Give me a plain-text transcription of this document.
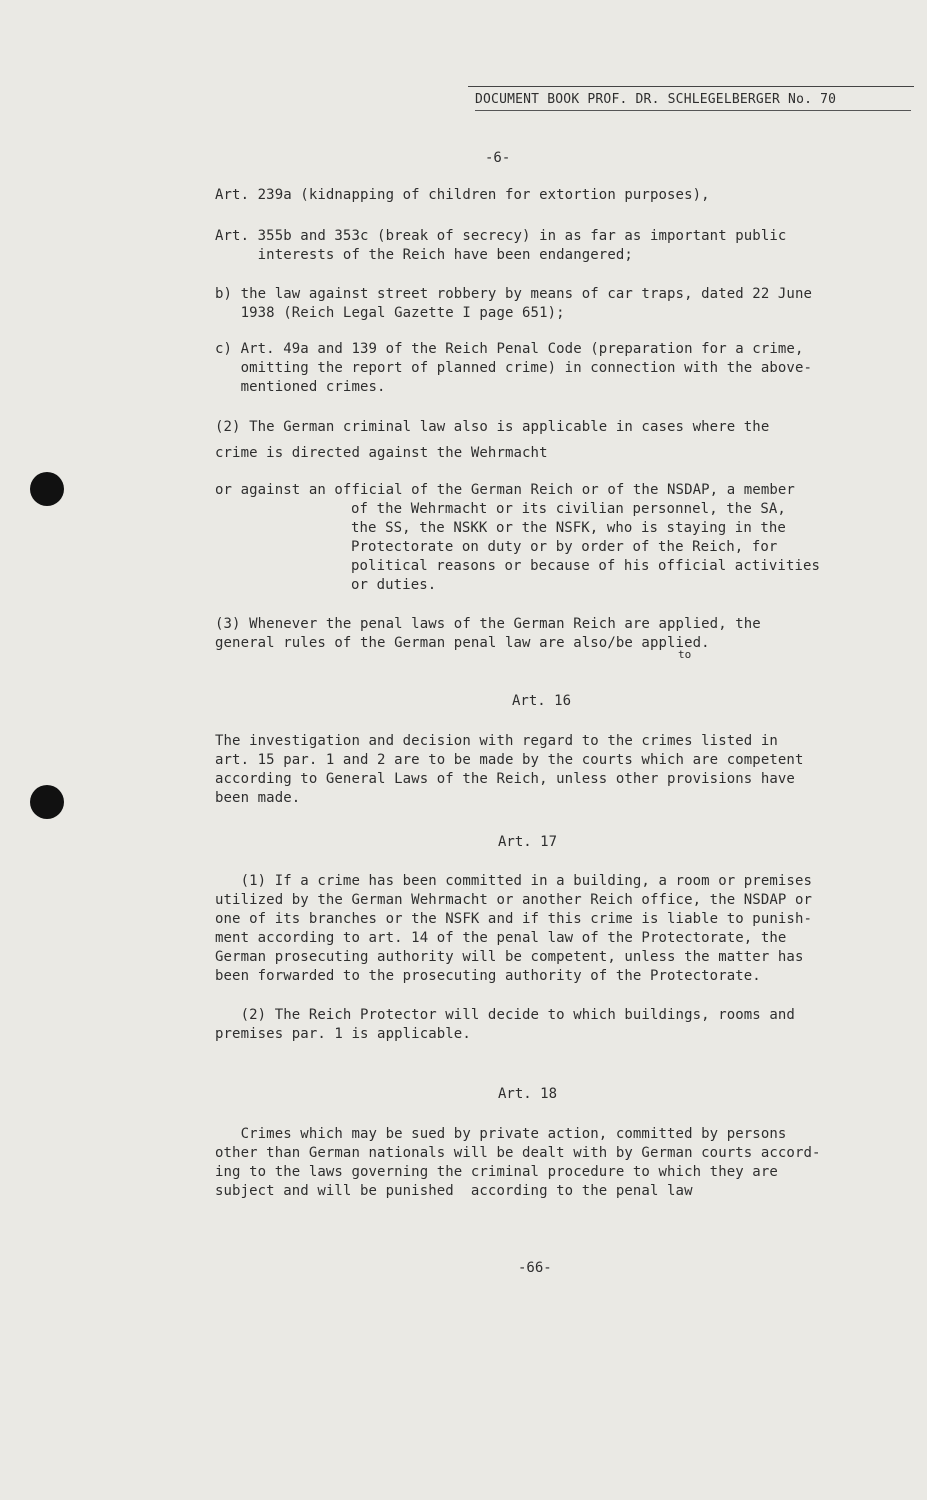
DOCUMENT BOOK PROF. DR. SCHLEGELBERGER No. 70
-6-
Art. 239a (kidnapping of children for extortion purposes),
Art. 355b and 353c (break of secrecy) in as far as important public
interests of the Reich have been endangered;
b) the law against street robbery by means of car traps, dated 22 June
1938 (Reich Legal Gazette I page 651);
c) Art. 49a and 139 of the Reich Penal Code (preparation for a crime,
omitting the report of planned crime) in connection with the above-
mentioned crimes.
(2) The German criminal law also is applicable in cases where the
crime is directed against the Wehrmacht
or against an official of the German Reich or of the NSDAP, a member
of the Wehrmacht or its civilian personnel, the SA,
the SS, the NSKK or the NSFK, who is staying in the
Protectorate on duty or by order of the Reich, for
political reasons or because of his official activities
or duties.
(3) Whenever the penal laws of the German Reich are applied, the
general rules of the German penal law are also/be applied.
to
Art. 16
The investigation and decision with regard to the crimes listed in
art. 15 par. 1 and 2 are to be made by the courts which are competent
according to General Laws of the Reich, unless other provisions have
been made.
Art. 17
(1) If a crime has been committed in a building, a room or premises
utilized by the German Wehrmacht or another Reich office, the NSDAP or
one of its branches or the NSFK and if this crime is liable to punish-
ment according to art. 14 of the penal law of the Protectorate, the
German prosecuting authority will be competent, unless the matter has
been forwarded to the prosecuting authority of the Protectorate.
(2) The Reich Protector will decide to which buildings, rooms and
premises par. 1 is applicable.
Art. 18
Crimes which may be sued by private action, committed by persons
other than German nationals will be dealt with by German courts accord-
ing to the laws governing the criminal procedure to which they are
subject and will be punished  according to the penal law
-66-
